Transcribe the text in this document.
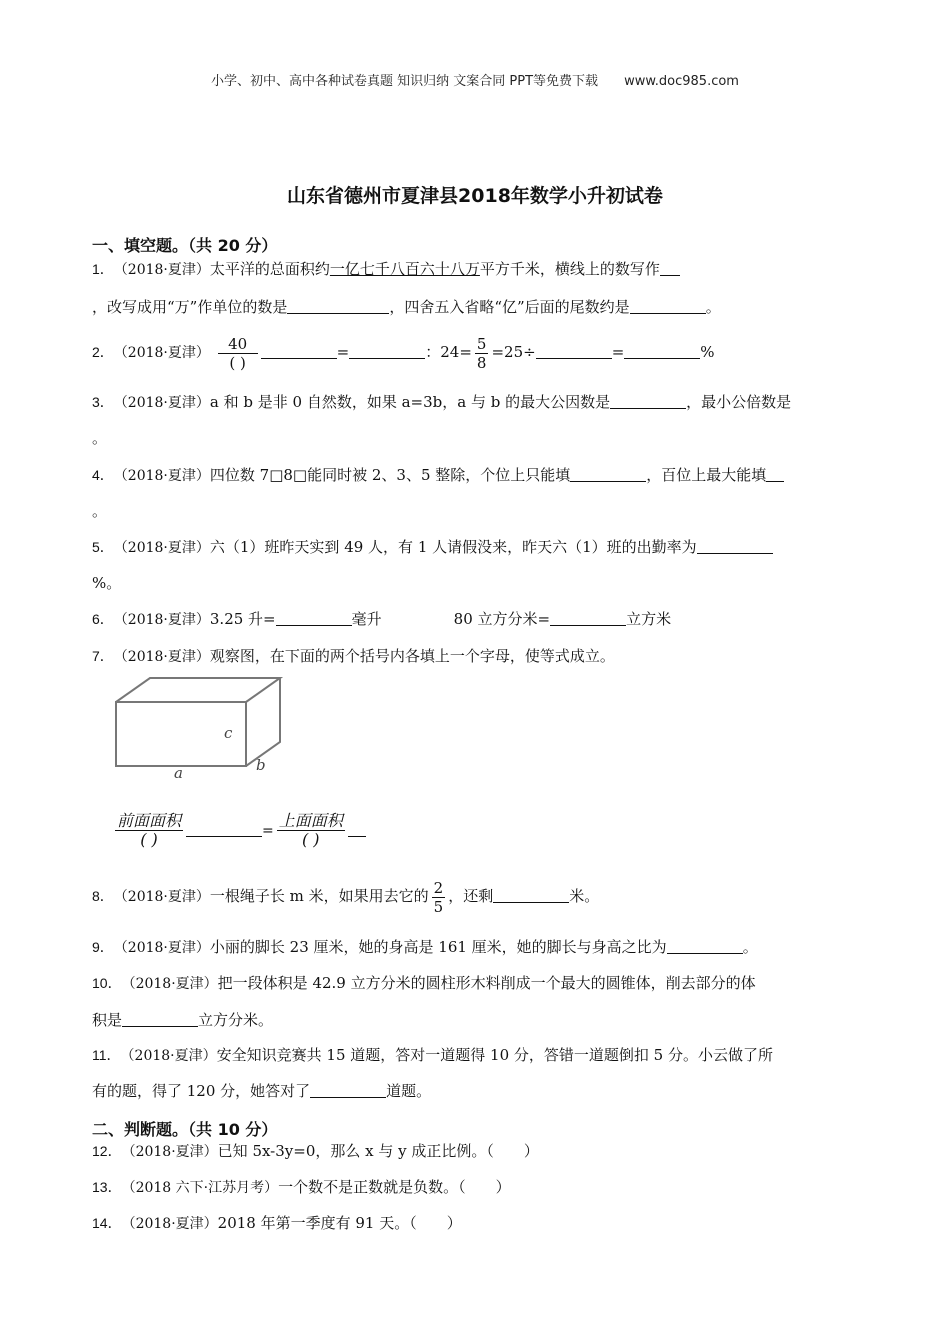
小学、初中、高中各种试卷真题 知识归纳 文案合同 PPT等免费下载 www.doc985.com
山东省德州市夏津县2018年数学小升初试卷
一、填空题。（共 20 分）
1．（2018·夏津）太平洋的总面积约一亿七千八百六十八万平方千米，横线上的数写作
，改写成用“万”作单位的数是	，四舍五入省略“亿”后面的尾数约是	。
2．（2018·夏津） $\frac{40}{( )}$	=	：$24= \frac{5}{8} =25\div$	=	%
3．（2018·夏津）a 和 b 是非 0 自然数，如果 a=3b，a 与 b 的最大公因数是	，最小公倍数是
。
4．（2018·夏津）四位数 7□8□能同时被 2、3、5 整除，个位上只能填	，百位上最大能填
。
5．（2018·夏津）六（1）班昨天实到 49 人，有 1 人请假没来，昨天六（1）班的出勤率为
%。
6．（2018·夏津）3.25 升=	毫升	80 立方分米=	立方米
7．（2018·夏津）观察图，在下面的两个括号内各填上一个字母，使等式成立。
a	b
c
$\frac{\text{前面面积}}{( )}$	= $\frac{\text{上面面积}}{( )}$
8．（2018·夏津）一根绳子长 m 米，如果用去它的 $\frac{2}{5}$ ，还剩	米。
9．（2018·夏津）小丽的脚长 23 厘米，她的身高是 161 厘米，她的脚长与身高之比为	。
10．（2018·夏津）把一段体积是 42.9 立方分米的圆柱形木料削成一个最大的圆锥体，削去部分的体
积是	立方分米。
11．（2018·夏津）安全知识竞赛共 15 道题，答对一道题得 10 分，答错一道题倒扣 5 分。小云做了所
有的题，得了 120 分，她答对了	道题。
二、判断题。（共 10 分）
12．（2018·夏津）已知 5x-3y=0，那么 x 与 y 成正比例。（　　）
13．（2018 六下·江苏月考）一个数不是正数就是负数。（　　）
14．（2018·夏津）2018 年第一季度有 91 天。（　　）
